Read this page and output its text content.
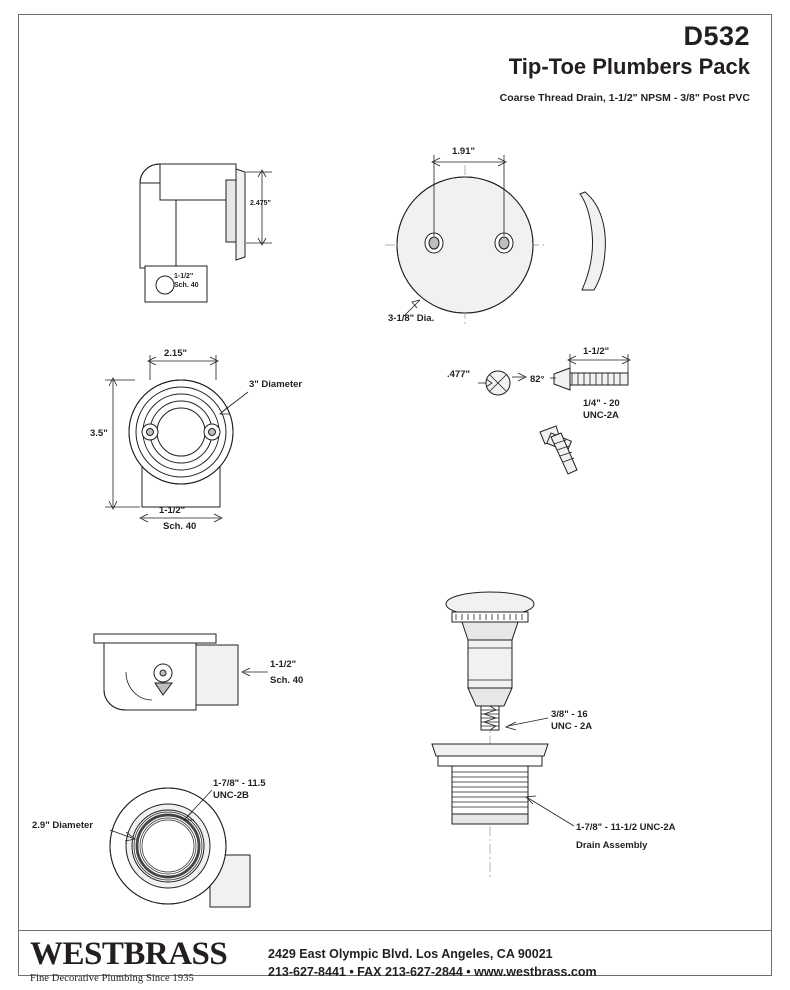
D532
Tip-Toe Plumbers Pack
Coarse Thread Drain, 1-1/2" NPSM - 3/8" Post PVC
1-1/2"
Sch. 40
2.475"
1.91"
3-1/8" Dia.
2.15"
3" Diameter
3.5"
1-1/2"
Sch. 40
.477"	82°
1-1/2"
1/4" - 20
UNC-2A
1-1/2"
Sch. 40
1-7/8" - 11.5
UNC-2B
2.9" Diameter
3/8" - 16
UNC - 2A
1-7/8" - 11-1/2 UNC-2A
Drain Assembly
WESTBRASS
Fine Decorative Plumbing Since 1935
2429 East Olympic Blvd. Los Angeles, CA 90021
213-627-8441 • FAX 213-627-2844 • www.westbrass.com
